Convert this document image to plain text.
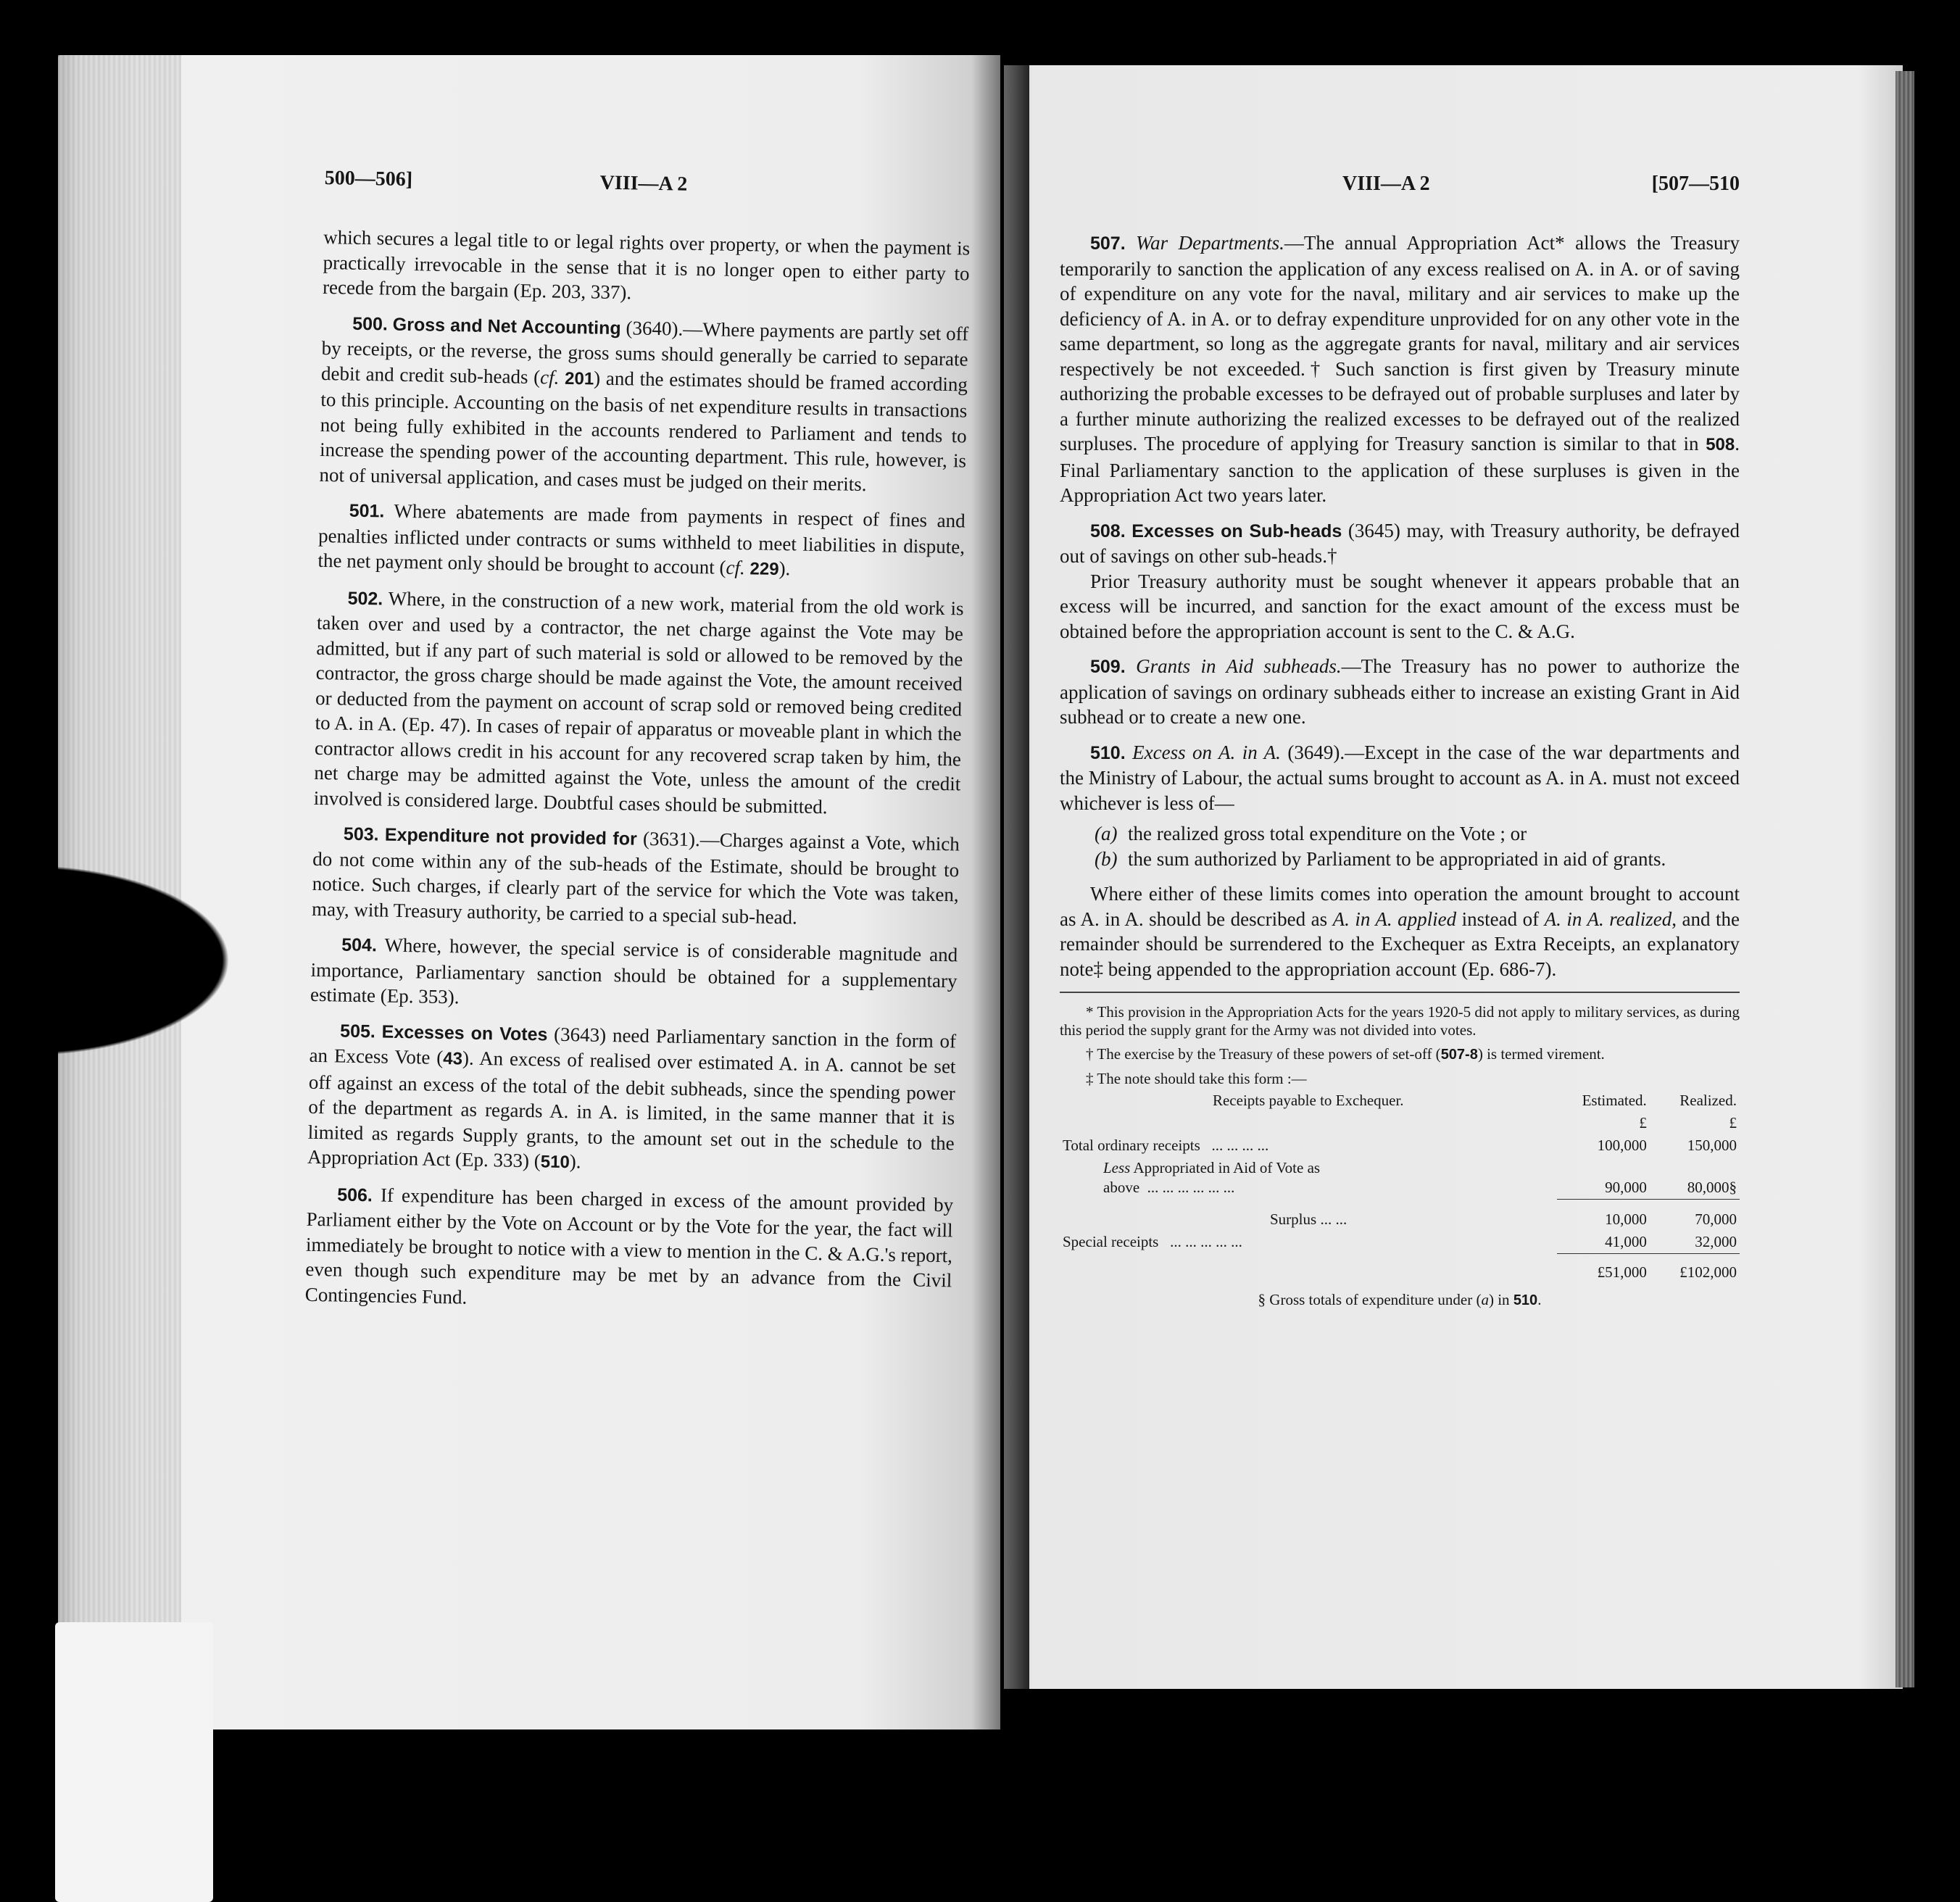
500—506]	VIII—A 2

which secures a legal title to or legal rights over property, or when the payment is practically irrevocable in the sense that it is no longer open to either party to recede from the bargain (Ep. 203, 337).

500. Gross and Net Accounting (3640).—Where payments are partly set off by receipts, or the reverse, the gross sums should generally be carried to separate debit and credit sub-heads (cf. 201) and the estimates should be framed according to this principle. Accounting on the basis of net expenditure results in transactions not being fully exhibited in the accounts rendered to Parliament and tends to increase the spending power of the accounting department. This rule, however, is not of universal application, and cases must be judged on their merits.

501. Where abatements are made from payments in respect of fines and penalties inflicted under contracts or sums withheld to meet liabilities in dispute, the net payment only should be brought to account (cf. 229).

502. Where, in the construction of a new work, material from the old work is taken over and used by a contractor, the net charge against the Vote may be admitted, but if any part of such material is sold or allowed to be removed by the contractor, the gross charge should be made against the Vote, the amount received or deducted from the payment on account of scrap sold or removed being credited to A. in A. (Ep. 47). In cases of repair of apparatus or moveable plant in which the contractor allows credit in his account for any recovered scrap taken by him, the net charge may be admitted against the Vote, unless the amount of the credit involved is considered large. Doubtful cases should be submitted.

503. Expenditure not provided for (3631).—Charges against a Vote, which do not come within any of the sub-heads of the Estimate, should be brought to notice. Such charges, if clearly part of the service for which the Vote was taken, may, with Treasury authority, be carried to a special sub-head.

504. Where, however, the special service is of considerable magnitude and importance, Parliamentary sanction should be obtained for a supplementary estimate (Ep. 353).

505. Excesses on Votes (3643) need Parliamentary sanction in the form of an Excess Vote (43). An excess of realised over estimated A. in A. cannot be set off against an excess of the total of the debit subheads, since the spending power of the department as regards A. in A. is limited, in the same manner that it is limited as regards Supply grants, to the amount set out in the schedule to the Appropriation Act (Ep. 333) (510).

506. If expenditure has been charged in excess of the amount provided by Parliament either by the Vote on Account or by the Vote for the year, the fact will immediately be brought to notice with a view to mention in the C. & A.G.'s report, even though such expenditure may be met by an advance from the Civil Contingencies Fund.

VIII—A 2	[507—510

507. War Departments.—The annual Appropriation Act* allows the Treasury temporarily to sanction the application of any excess realised on A. in A. or of saving of expenditure on any vote for the naval, military and air services to make up the deficiency of A. in A. or to defray expenditure unprovided for on any other vote in the same department, so long as the aggregate grants for naval, military and air services respectively be not exceeded.† Such sanction is first given by Treasury minute authorizing the probable excesses to be defrayed out of probable surpluses and later by a further minute authorizing the realized excesses to be defrayed out of the realized surpluses. The procedure of applying for Treasury sanction is similar to that in 508. Final Parliamentary sanction to the application of these surpluses is given in the Appropriation Act two years later.

508. Excesses on Sub-heads (3645) may, with Treasury authority, be defrayed out of savings on other sub-heads.†

Prior Treasury authority must be sought whenever it appears probable that an excess will be incurred, and sanction for the exact amount of the excess must be obtained before the appropriation account is sent to the C. & A.G.

509. Grants in Aid subheads.—The Treasury has no power to authorize the application of savings on ordinary subheads either to increase an existing Grant in Aid subhead or to create a new one.

510. Excess on A. in A. (3649).—Except in the case of the war departments and the Ministry of Labour, the actual sums brought to account as A. in A. must not exceed whichever is less of—

(a) the realized gross total expenditure on the Vote ; or
(b) the sum authorized by Parliament to be appropriated in aid of grants.

Where either of these limits comes into operation the amount brought to account as A. in A. should be described as A. in A. applied instead of A. in A. realized, and the remainder should be surrendered to the Exchequer as Extra Receipts, an explanatory note‡ being appended to the appropriation account (Ep. 686-7).

* This provision in the Appropriation Acts for the years 1920-5 did not apply to military services, as during this period the supply grant for the Army was not divided into votes.

† The exercise by the Treasury of these powers of set-off (507-8) is termed virement.

‡ The note should take this form :—

Receipts payable to Exchequer.	Estimated.	Realized.
	£	£
Total ordinary receipts ... ... ... ...	100,000	150,000
Less Appropriated in Aid of Vote as
above ... ... ... ... ... ...	90,000	80,000§
Surplus ... ...	10,000	70,000
Special receipts ... ... ... ... ...	41,000	32,000
	£51,000	£102,000
§ Gross totals of expenditure under (a) in 510.
